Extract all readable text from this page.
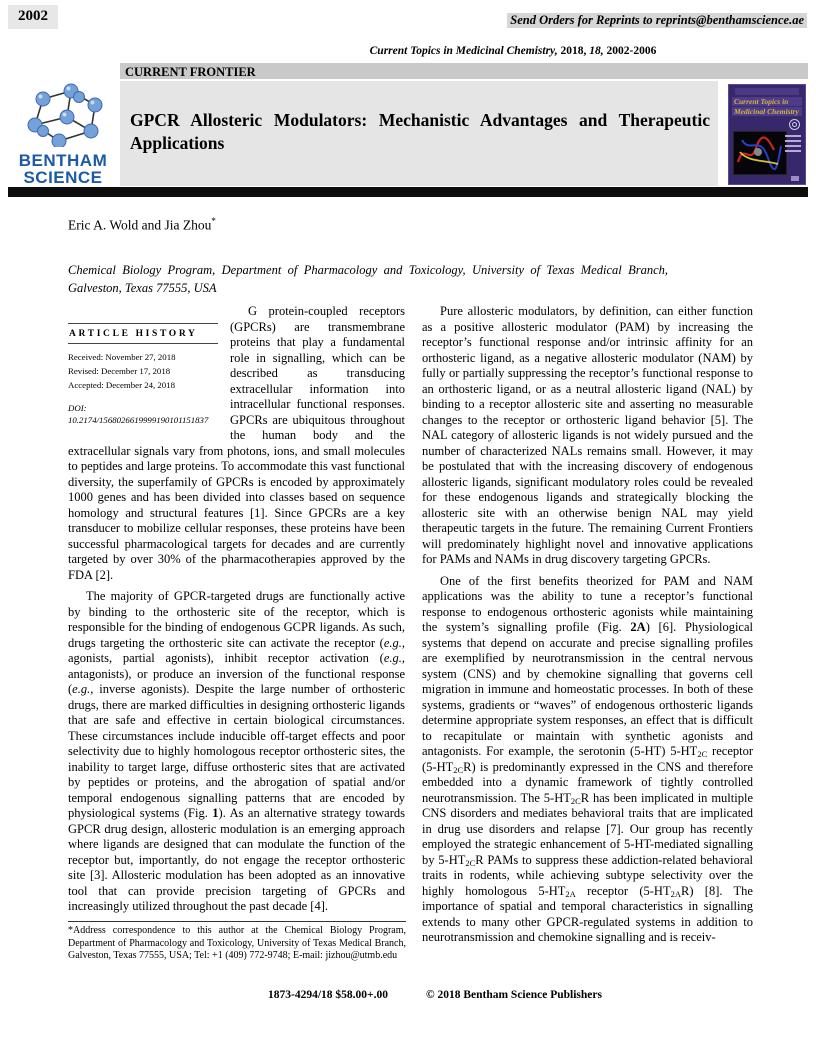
2002	Send Orders for Reprints to reprints@benthamscience.ae
Current Topics in Medicinal Chemistry, 2018, 18, 2002-2006
CURRENT FRONTIER
GPCR Allosteric Modulators: Mechanistic Advantages and Therapeutic Applications
BENTHAM
SCIENCE
Current Topics in
Medicinal Chemistry
Eric A. Wold and Jia Zhou*
Chemical Biology Program, Department of Pharmacology and Toxicology, University of Texas Medical Branch, Galveston, Texas 77555, USA
ARTICLE HISTORY
Received: November 27, 2018
Revised: December 17, 2018
Accepted: December 24, 2018
DOI:
10.2174/1568026619999190101151837

G protein-coupled receptors (GPCRs) are transmembrane proteins that play a fundamental role in signalling, which can be described as transducing extracellular information into intracellular functional responses. GPCRs are ubiquitous throughout the human body and the extracellular signals vary from photons, ions, and small molecules to peptides and large proteins. To accommodate this vast functional diversity, the superfamily of GPCRs is encoded by approximately 1000 genes and has been divided into classes based on sequence homology and structural features [1]. Since GPCRs are a key transducer to mobilize cellular responses, these proteins have been successful pharmacological targets for decades and are currently targeted by over 30% of the pharmacotherapies approved by the FDA [2].

The majority of GPCR-targeted drugs are functionally active by binding to the orthosteric site of the receptor, which is responsible for the binding of endogenous GCPR ligands. As such, drugs targeting the orthosteric site can activate the receptor (e.g., agonists, partial agonists), inhibit receptor activation (e.g., antagonists), or produce an inversion of the functional response (e.g., inverse agonists). Despite the large number of orthosteric drugs, there are marked difficulties in designing orthosteric ligands that are safe and effective in certain biological circumstances. These circumstances include inducible off-target effects and poor selectivity due to highly homologous receptor orthosteric sites, the inability to target large, diffuse orthosteric sites that are activated by peptides or proteins, and the abrogation of spatial and/or temporal endogenous signalling patterns that are encoded by physiological systems (Fig. 1). As an alternative strategy towards GPCR drug design, allosteric modulation is an emerging approach where ligands are designed that can modulate the function of the receptor but, importantly, do not engage the receptor orthosteric site [3]. Allosteric modulation has been adopted as an innovative tool that can provide precision targeting of GPCRs and increasingly utilized throughout the past decade [4].

Pure allosteric modulators, by definition, can either function as a positive allosteric modulator (PAM) by increasing the receptor’s functional response and/or intrinsic affinity for an orthosteric ligand, as a negative allosteric modulator (NAM) by fully or partially suppressing the receptor’s functional response to an orthosteric ligand, or as a neutral allosteric ligand (NAL) by binding to a receptor allosteric site and asserting no measurable changes to the receptor or orthosteric ligand behavior [5]. The NAL category of allosteric ligands is not widely pursued and the number of characterized NALs remains small. However, it may be postulated that with the increasing discovery of endogenous allosteric ligands, significant modulatory roles could be revealed for these endogenous ligands and strategically blocking the allosteric site with an otherwise benign NAL may yield therapeutic targets in the future. The remaining Current Frontiers will predominately highlight novel and innovative applications for PAMs and NAMs in drug discovery targeting GPCRs.

One of the first benefits theorized for PAM and NAM applications was the ability to tune a receptor’s functional response to endogenous orthosteric agonists while maintaining the system’s signalling profile (Fig. 2A) [6]. Physiological systems that depend on accurate and precise signalling profiles are exemplified by neurotransmission in the central nervous system (CNS) and by chemokine signalling that governs cell migration in immune and homeostatic processes. In both of these systems, gradients or “waves” of endogenous orthosteric ligands determine appropriate system responses, an effect that is difficult to recapitulate or maintain with synthetic agonists and antagonists. For example, the serotonin (5-HT) $5-HT_{2C}$ receptor $(5-HT_{2C}R)$ is predominantly expressed in the CNS and therefore embedded into a dynamic framework of tightly controlled neurotransmission. The $5-HT_{2C}R$ has been implicated in multiple CNS disorders and mediates behavioral traits that are implicated in drug use disorders and relapse [7]. Our group has recently employed the strategic enhancement of 5-HT-mediated signalling by $5-HT_{2C}R$ PAMs to suppress these addiction-related behavioral traits in rodents, while achieving subtype selectivity over the highly homologous $5-HT_{2A}$ receptor $(5-HT_{2A}R)$ [8]. The importance of spatial and temporal characteristics in signalling extends to many other GPCR-regulated systems in addition to neurotransmission and chemokine signalling and is receiv-

*Address correspondence to this author at the Chemical Biology Program, Department of Pharmacology and Toxicology, University of Texas Medical Branch, Galveston, Texas 77555, USA; Tel: +1 (409) 772-9748; E-mail: jizhou@utmb.edu
1873-4294/18 $58.00+.00	© 2018 Bentham Science Publishers
